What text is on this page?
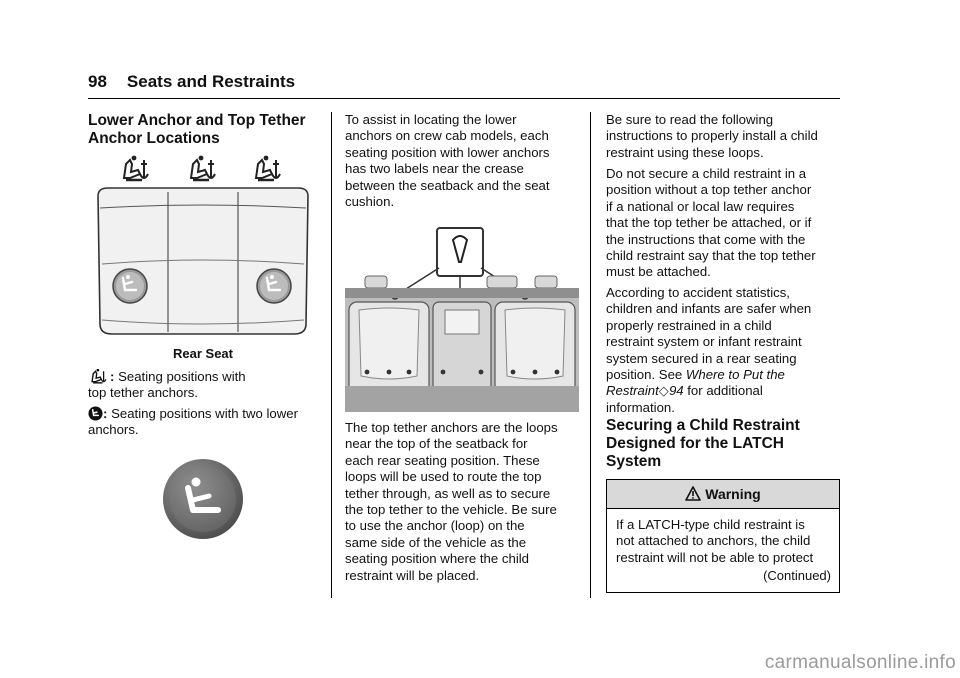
98 Seats and Restraints
Lower Anchor and Top Tether
Anchor Locations
Rear Seat
: Seating positions with
top tether anchors.
: Seating positions with two lower
anchors.
To assist in locating the lower
anchors on crew cab models, each
seating position with lower anchors
has two labels near the crease
between the seatback and the seat
cushion.
The top tether anchors are the loops
near the top of the seatback for
each rear seating position. These
loops will be used to route the top
tether through, as well as to secure
the top tether to the vehicle. Be sure
to use the anchor (loop) on the
same side of the vehicle as the
seating position where the child
restraint will be placed.
Be sure to read the following
instructions to properly install a child
restraint using these loops.
Do not secure a child restraint in a
position without a top tether anchor
if a national or local law requires
that the top tether be attached, or if
the instructions that come with the
child restraint say that the top tether
must be attached.
According to accident statistics,
children and infants are safer when
properly restrained in a child
restraint system or infant restraint
system secured in a rear seating
position. See Where to Put the
Restraint◇94 for additional
information.
Securing a Child Restraint
Designed for the LATCH
System
Warning
If a LATCH-type child restraint is
not attached to anchors, the child
restraint will not be able to protect
(Continued)
carmanualsonline.info
